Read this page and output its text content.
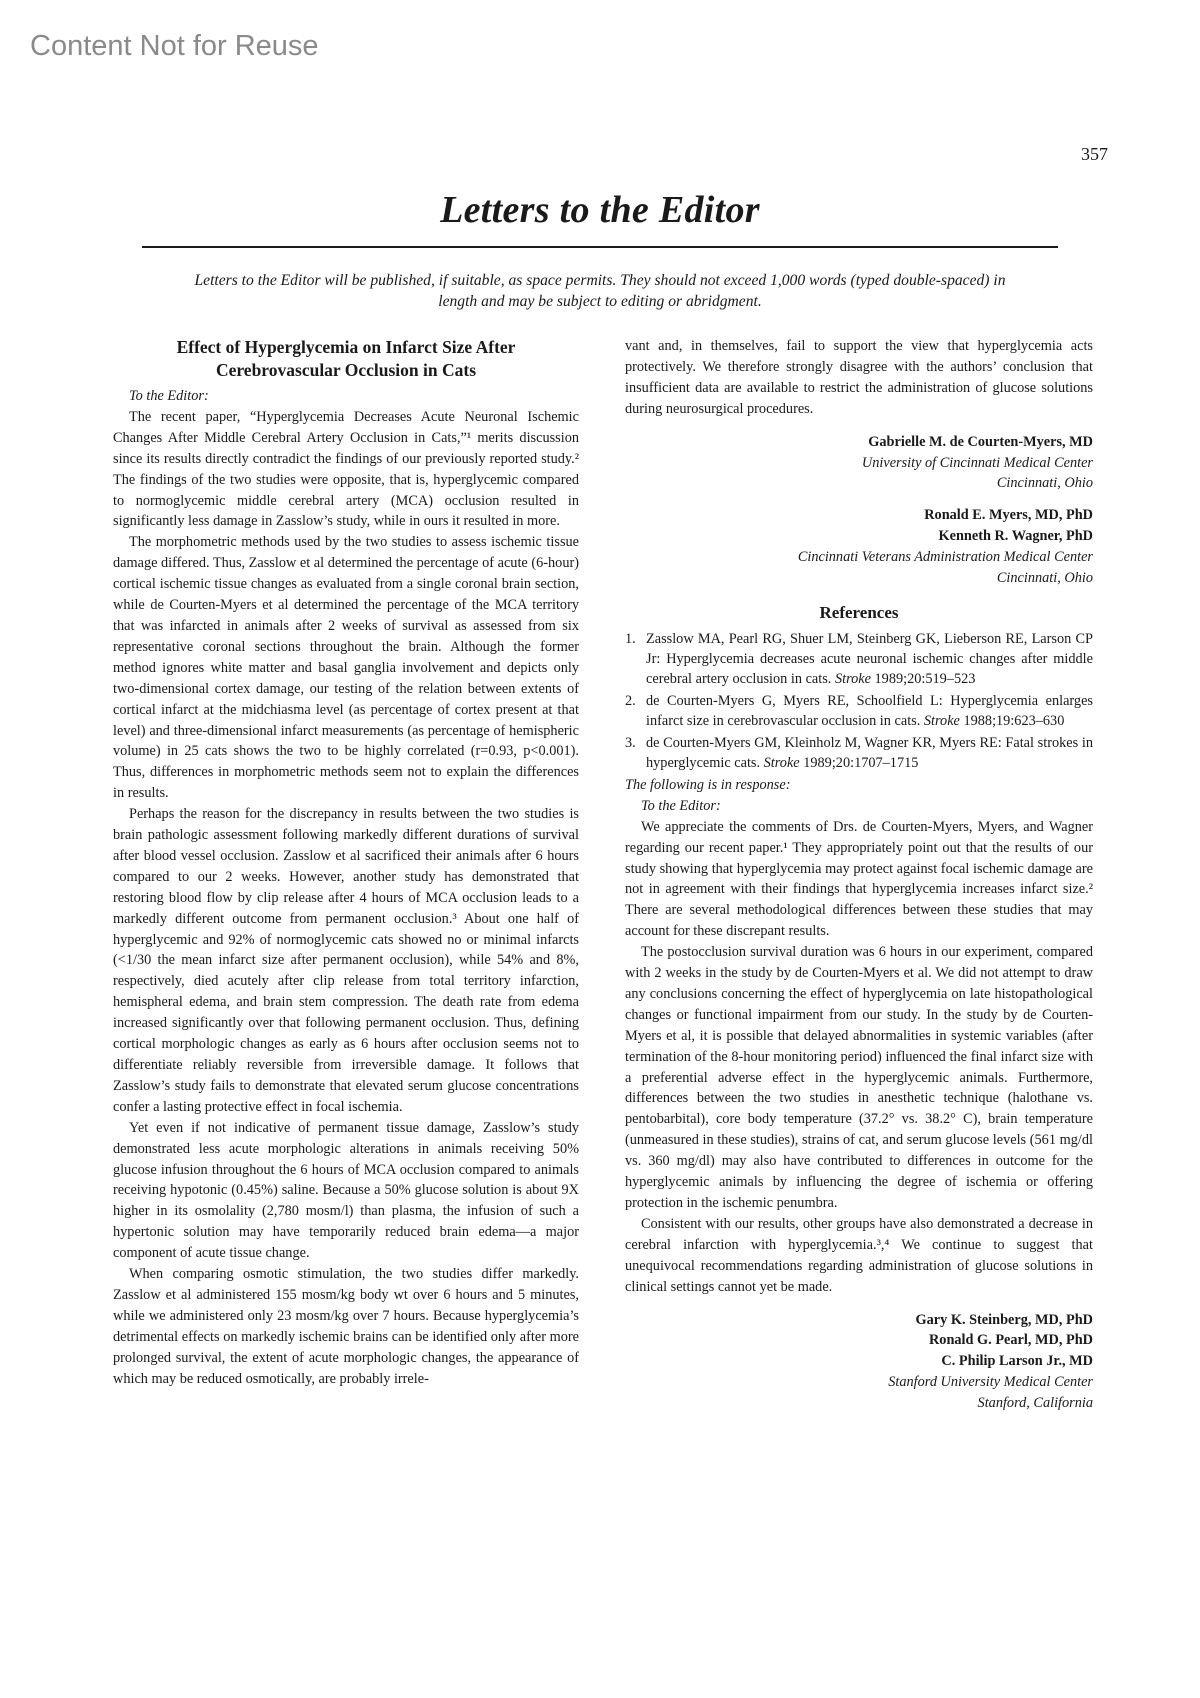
Content Not for Reuse
357
Letters to the Editor
Letters to the Editor will be published, if suitable, as space permits. They should not exceed 1,000 words (typed double-spaced) in length and may be subject to editing or abridgment.
Effect of Hyperglycemia on Infarct Size After
Cerebrovascular Occlusion in Cats

To the Editor:

The recent paper, “Hyperglycemia Decreases Acute Neuronal Ischemic Changes After Middle Cerebral Artery Occlusion in Cats,”¹ merits discussion since its results directly contradict the findings of our previously reported study.² The findings of the two studies were opposite, that is, hyperglycemic compared to normoglycemic middle cerebral artery (MCA) occlusion resulted in significantly less damage in Zasslow’s study, while in ours it resulted in more.

The morphometric methods used by the two studies to assess ischemic tissue damage differed. Thus, Zasslow et al determined the percentage of acute (6-hour) cortical ischemic tissue changes as evaluated from a single coronal brain section, while de Courten-Myers et al determined the percentage of the MCA territory that was infarcted in animals after 2 weeks of survival as assessed from six representative coronal sections throughout the brain. Although the former method ignores white matter and basal ganglia involvement and depicts only two-dimensional cortex damage, our testing of the relation between extents of cortical infarct at the midchiasma level (as percentage of cortex present at that level) and three-dimensional infarct measurements (as percentage of hemispheric volume) in 25 cats shows the two to be highly correlated (r=0.93, p<0.001). Thus, differences in morphometric methods seem not to explain the differences in results.

Perhaps the reason for the discrepancy in results between the two studies is brain pathologic assessment following markedly different durations of survival after blood vessel occlusion. Zasslow et al sacrificed their animals after 6 hours compared to our 2 weeks. However, another study has demonstrated that restoring blood flow by clip release after 4 hours of MCA occlusion leads to a markedly different outcome from permanent occlusion.³ About one half of hyperglycemic and 92% of normoglycemic cats showed no or minimal infarcts (<1/30 the mean infarct size after permanent occlusion), while 54% and 8%, respectively, died acutely after clip release from total territory infarction, hemispheral edema, and brain stem compression. The death rate from edema increased significantly over that following permanent occlusion. Thus, defining cortical morphologic changes as early as 6 hours after occlusion seems not to differentiate reliably reversible from irreversible damage. It follows that Zasslow’s study fails to demonstrate that elevated serum glucose concentrations confer a lasting protective effect in focal ischemia.

Yet even if not indicative of permanent tissue damage, Zasslow’s study demonstrated less acute morphologic alterations in animals receiving 50% glucose infusion throughout the 6 hours of MCA occlusion compared to animals receiving hypotonic (0.45%) saline. Because a 50% glucose solution is about 9X higher in its osmolality (2,780 mosm/l) than plasma, the infusion of such a hypertonic solution may have temporarily reduced brain edema—a major component of acute tissue change.

When comparing osmotic stimulation, the two studies differ markedly. Zasslow et al administered 155 mosm/kg body wt over 6 hours and 5 minutes, while we administered only 23 mosm/kg over 7 hours. Because hyperglycemia’s detrimental effects on markedly ischemic brains can be identified only after more prolonged survival, the extent of acute morphologic changes, the appearance of which may be reduced osmotically, are probably irrele-

vant and, in themselves, fail to support the view that hyperglycemia acts protectively. We therefore strongly disagree with the authors’ conclusion that insufficient data are available to restrict the administration of glucose solutions during neurosurgical procedures.

Gabrielle M. de Courten-Myers, MD
University of Cincinnati Medical Center
Cincinnati, Ohio
Ronald E. Myers, MD, PhD
Kenneth R. Wagner, PhD
Cincinnati Veterans Administration Medical Center
Cincinnati, Ohio
References
1. Zasslow MA, Pearl RG, Shuer LM, Steinberg GK, Lieberson RE, Larson CP Jr: Hyperglycemia decreases acute neuronal ischemic changes after middle cerebral artery occlusion in cats. Stroke 1989;20:519–523
2. de Courten-Myers G, Myers RE, Schoolfield L: Hyperglycemia enlarges infarct size in cerebrovascular occlusion in cats. Stroke 1988;19:623–630
3. de Courten-Myers GM, Kleinholz M, Wagner KR, Myers RE: Fatal strokes in hyperglycemic cats. Stroke 1989;20:1707–1715

The following is in response:

To the Editor:

We appreciate the comments of Drs. de Courten-Myers, Myers, and Wagner regarding our recent paper.¹ They appropriately point out that the results of our study showing that hyperglycemia may protect against focal ischemic damage are not in agreement with their findings that hyperglycemia increases infarct size.² There are several methodological differences between these studies that may account for these discrepant results.

The postocclusion survival duration was 6 hours in our experiment, compared with 2 weeks in the study by de Courten-Myers et al. We did not attempt to draw any conclusions concerning the effect of hyperglycemia on late histopathological changes or functional impairment from our study. In the study by de Courten-Myers et al, it is possible that delayed abnormalities in systemic variables (after termination of the 8-hour monitoring period) influenced the final infarct size with a preferential adverse effect in the hyperglycemic animals. Furthermore, differences between the two studies in anesthetic technique (halothane vs. pentobarbital), core body temperature (37.2° vs. 38.2° C), brain temperature (unmeasured in these studies), strains of cat, and serum glucose levels (561 mg/dl vs. 360 mg/dl) may also have contributed to differences in outcome for the hyperglycemic animals by influencing the degree of ischemia or offering protection in the ischemic penumbra.

Consistent with our results, other groups have also demonstrated a decrease in cerebral infarction with hyperglycemia.³,⁴ We continue to suggest that unequivocal recommendations regarding administration of glucose solutions in clinical settings cannot yet be made.

Gary K. Steinberg, MD, PhD
Ronald G. Pearl, MD, PhD
C. Philip Larson Jr., MD
Stanford University Medical Center
Stanford, California
